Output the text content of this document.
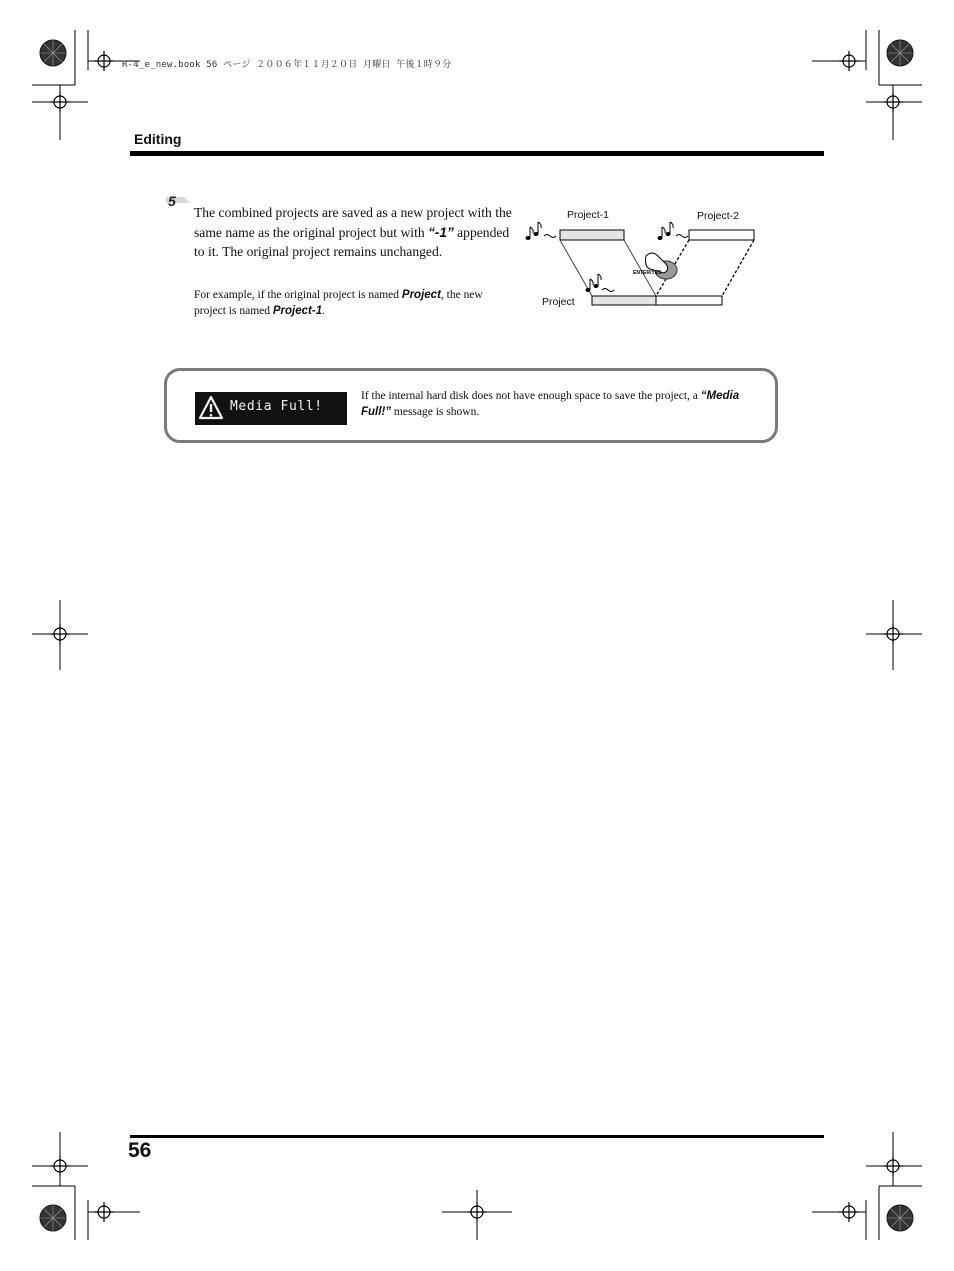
R-4_e_new.book 56 ページ ２００６年１１月２０日 月曜日 午後１時９分
Editing
5
The combined projects are saved as a new project with the same name as the original project but with “-1” appended to it. The original project remains unchanged.
For example, if the original project is named Project, the new project is named Project-1.
Project-1	Project-2
Project
ENTER/YES
Media Full!
If the internal hard disk does not have enough space to save the project, a “Media Full!” message is shown.
56
